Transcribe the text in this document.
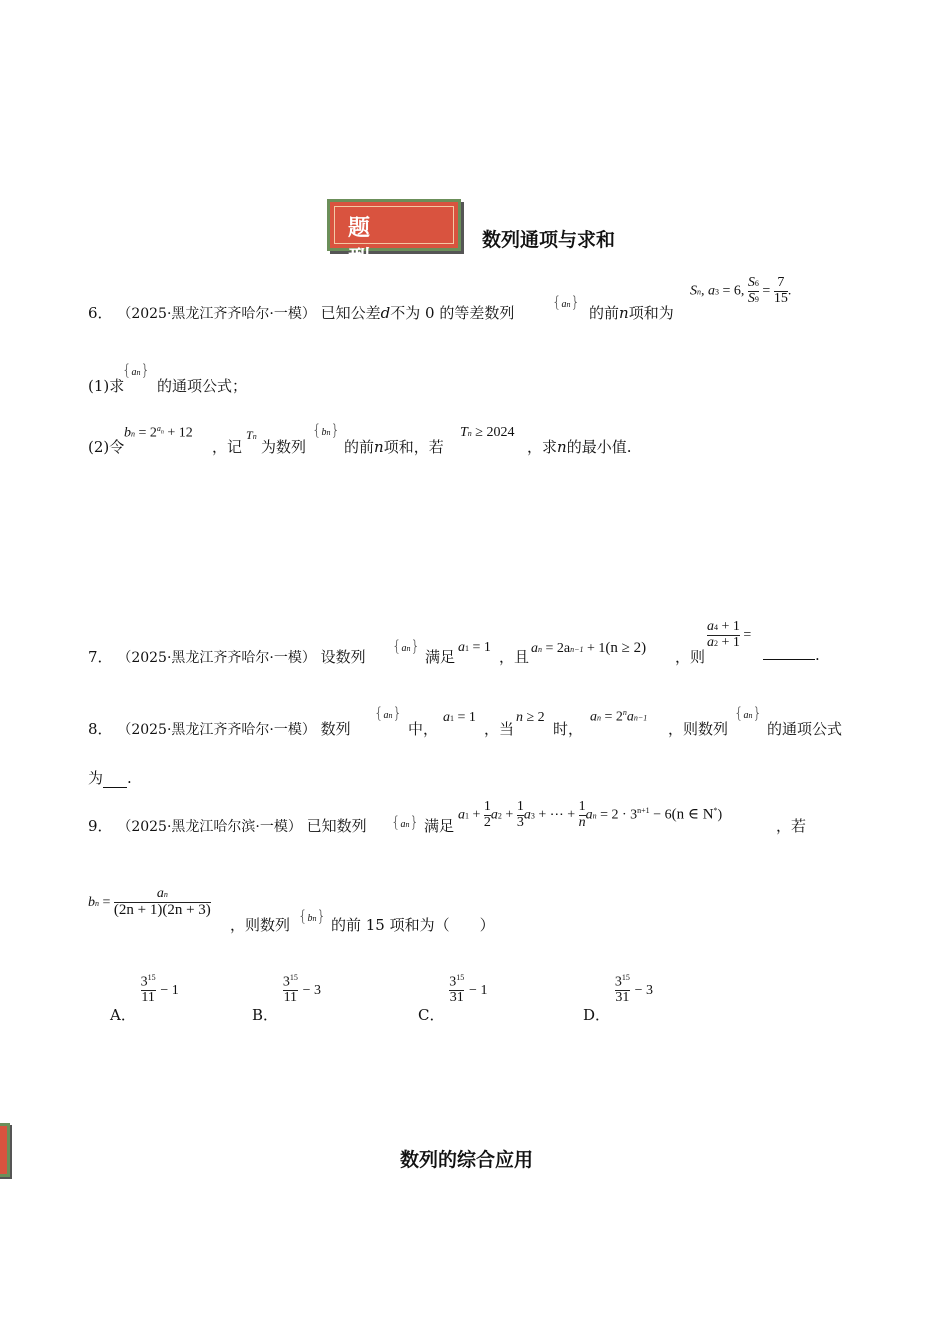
题 型
数列通项与求和
6． （2025·黑龙江齐齐哈尔·一模） 已知公差d不为 0 的等差数列
{an}
的前n项和为
Sn, a3 = 6, $\frac{S6}{S9} = \frac{7}{15}$ .
(1)求
{an}
的通项公式；
(2)令
bn = $2^{a_n} + 12$
，记
Tn
为数列
{bn}
的前n项和，若
Tn ≥ 2024
，求n的最小值.
7． （2025·黑龙江齐齐哈尔·一模） 设数列
{an}
满足
a1 = 1
，且 an = 2an−1 + 1(n ≥ 2) ，则
$\frac{a4 + 1}{a2 + 1}$ =
.
8． （2025·黑龙江齐齐哈尔·一模） 数列
{an}
中，
a1 = 1
，当
n ≥ 2
时，
an = $2^nan-1$
，则数列
{an}
的通项公式
为 .
9． （2025·黑龙江哈尔滨·一模） 已知数列 {an} 满足
$a1 + \frac{1}{2} a2 + \frac{1}{3} a3$ + ⋯ + $\frac{1}{n}$ an = $2 \cdot 3^{n+1} - 6(n$ ∈ N*)
，若
bn = $\frac{an}{(2n + 1)(2n + 3)}$
，则数列 {bn} 的前 15 项和为（　　）
A．
$\frac{3^{15}}{11} - 1$
B．
$\frac{3^{15}}{11} - 3$
C．
$\frac{3^{15}}{31} - 1$
D．
$\frac{3^{15}}{31} - 3$
数列的综合应用
